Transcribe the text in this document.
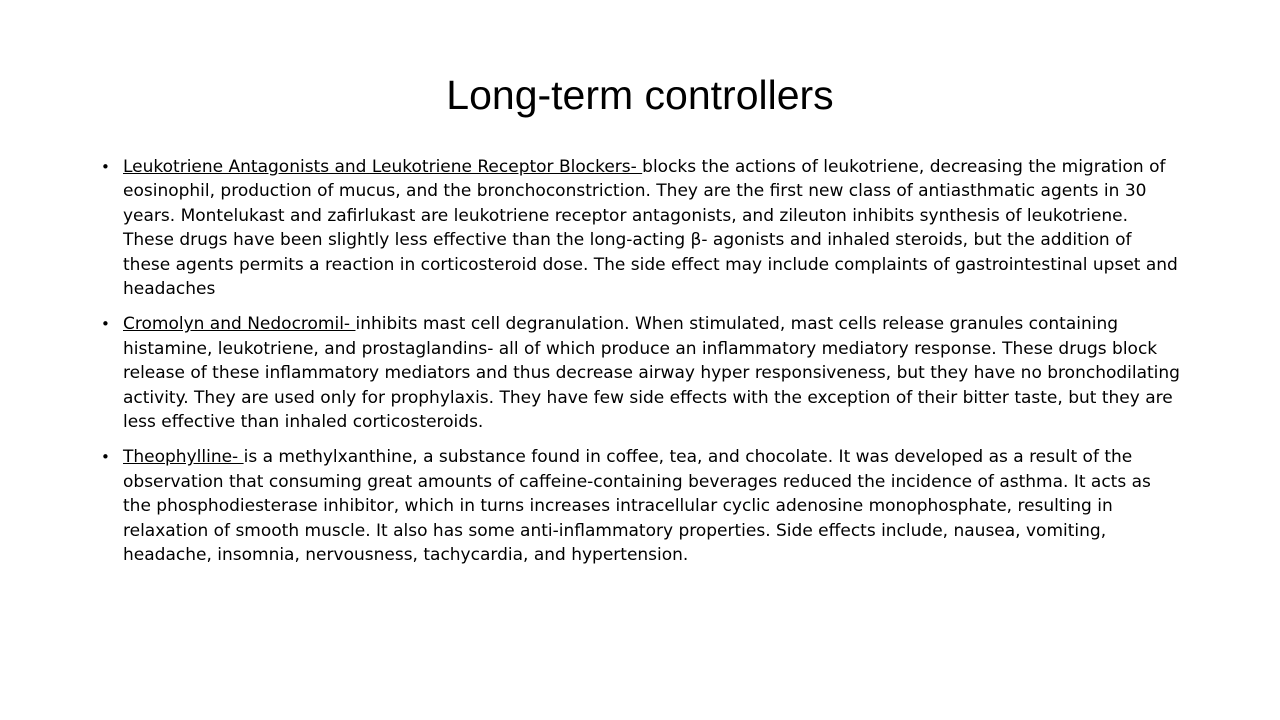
Long-term controllers
• Leukotriene Antagonists and Leukotriene Receptor Blockers- blocks the actions of leukotriene, decreasing the migration of eosinophil, production of mucus, and the bronchoconstriction. They are the first new class of antiasthmatic agents in 30 years. Montelukast and zafirlukast are leukotriene receptor antagonists, and zileuton inhibits synthesis of leukotriene. These drugs have been slightly less effective than the long-acting β- agonists and inhaled steroids, but the addition of these agents permits a reaction in corticosteroid dose. The side effect may include complaints of gastrointestinal upset and headaches
• Cromolyn and Nedocromil- inhibits mast cell degranulation. When stimulated, mast cells release granules containing histamine, leukotriene, and prostaglandins- all of which produce an inflammatory mediatory response. These drugs block release of these inflammatory mediators and thus decrease airway hyper responsiveness, but they have no bronchodilating activity. They are used only for prophylaxis. They have few side effects with the exception of their bitter taste, but they are less effective than inhaled corticosteroids.
• Theophylline- is a methylxanthine, a substance found in coffee, tea, and chocolate. It was developed as a result of the observation that consuming great amounts of caffeine-containing beverages reduced the incidence of asthma. It acts as the phosphodiesterase inhibitor, which in turns increases intracellular cyclic adenosine monophosphate, resulting in relaxation of smooth muscle. It also has some anti-inflammatory properties. Side effects include, nausea, vomiting, headache, insomnia, nervousness, tachycardia, and hypertension.
